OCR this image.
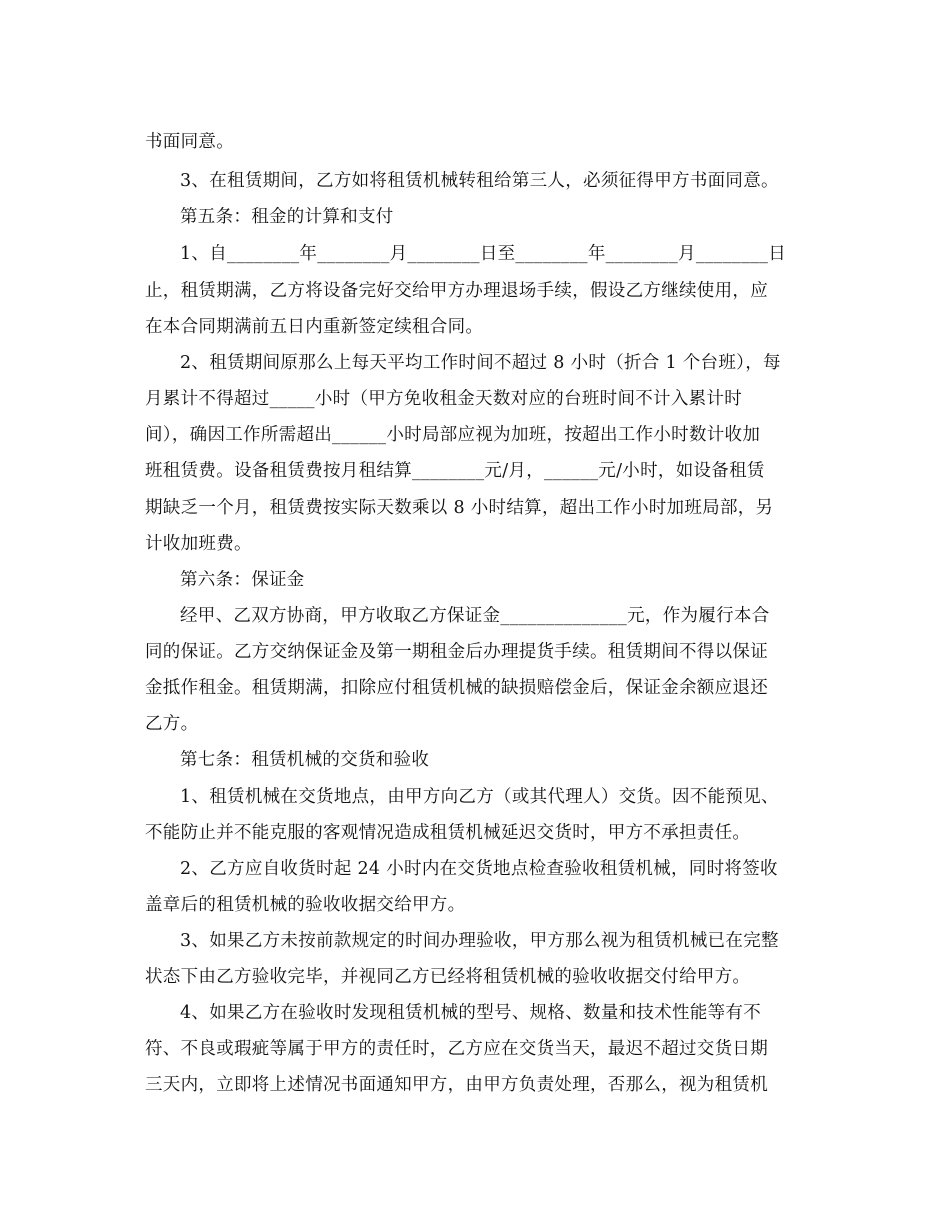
书面同意。
3、在租赁期间，乙方如将租赁机械转租给第三人，必须征得甲方书面同意。
第五条：租金的计算和支付
1、自________年________月________日至________年________月________日
止，租赁期满，乙方将设备完好交给甲方办理退场手续，假设乙方继续使用，应
在本合同期满前五日内重新签定续租合同。
2、租赁期间原那么上每天平均工作时间不超过 8 小时（折合 1 个台班），每
月累计不得超过_____小时（甲方免收租金天数对应的台班时间不计入累计时
间），确因工作所需超出______小时局部应视为加班，按超出工作小时数计收加
班租赁费。设备租赁费按月租结算________元/月，______元/小时，如设备租赁
期缺乏一个月，租赁费按实际天数乘以 8 小时结算，超出工作小时加班局部，另
计收加班费。
第六条：保证金
经甲、乙双方协商，甲方收取乙方保证金______________元，作为履行本合
同的保证。乙方交纳保证金及第一期租金后办理提货手续。租赁期间不得以保证
金抵作租金。租赁期满，扣除应付租赁机械的缺损赔偿金后，保证金余额应退还
乙方。
第七条：租赁机械的交货和验收
1、租赁机械在交货地点，由甲方向乙方（或其代理人）交货。因不能预见、
不能防止并不能克服的客观情况造成租赁机械延迟交货时，甲方不承担责任。
2、乙方应自收货时起 24 小时内在交货地点检查验收租赁机械，同时将签收
盖章后的租赁机械的验收收据交给甲方。
3、如果乙方未按前款规定的时间办理验收，甲方那么视为租赁机械已在完整
状态下由乙方验收完毕，并视同乙方已经将租赁机械的验收收据交付给甲方。
4、如果乙方在验收时发现租赁机械的型号、规格、数量和技术性能等有不
符、不良或瑕疵等属于甲方的责任时，乙方应在交货当天，最迟不超过交货日期
三天内，立即将上述情况书面通知甲方，由甲方负责处理，否那么，视为租赁机
